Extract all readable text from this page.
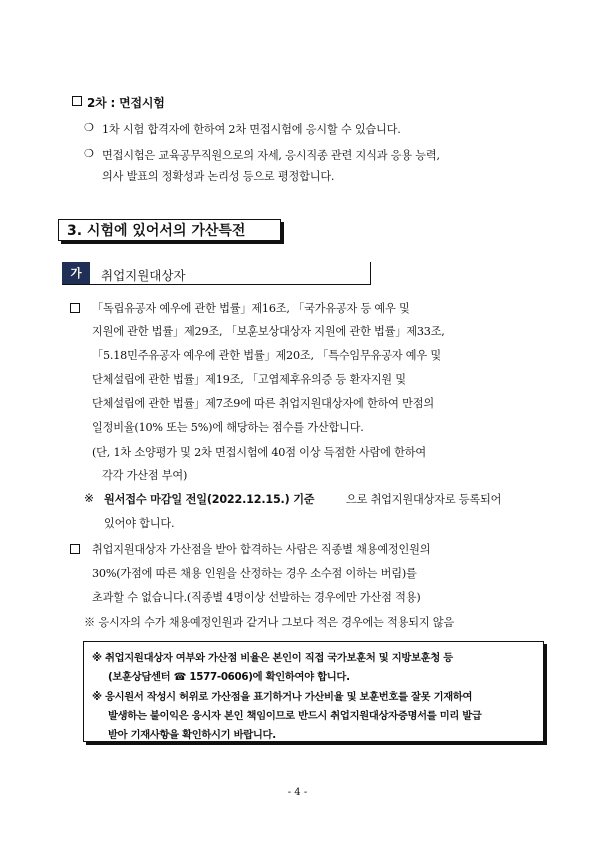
2차 : 면접시험
❍ 1차 시험 합격자에 한하여 2차 면접시험에 응시할 수 있습니다.
❍ 면접시험은 교육공무직원으로의 자세, 응시직종 관련 지식과 응용 능력,
의사 발표의 정확성과 논리성 등으로 평정합니다.
3. 시험에 있어서의 가산특전
가	취업지원대상자
「독립유공자 예우에 관한 법률」제16조, 「국가유공자 등 예우 및
지원에 관한 법률」제29조, 「보훈보상대상자 지원에 관한 법률」제33조,
「5.18민주유공자 예우에 관한 법률」제20조, 「특수임무유공자 예우 및
단체설립에 관한 법률」제19조, 「고엽제후유의증 등 환자지원 및
단체설립에 관한 법률」제7조9에 따른 취업지원대상자에 한하여 만점의
일정비율(10% 또는 5%)에 해당하는 점수를 가산합니다.
(단, 1차 소양평가 및 2차 면접시험에 40점 이상 득점한 사람에 한하여
각각 가산점 부여)
※ 원서접수 마감일 전일(2022.12.15.) 기준	으로 취업지원대상자로 등록되어
있어야 합니다.
취업지원대상자 가산점을 받아 합격하는 사람은 직종별 채용예정인원의
30%(가점에 따른 채용 인원을 산정하는 경우 소수점 이하는 버림)를
초과할 수 없습니다.(직종별 4명이상 선발하는 경우에만 가산점 적용)
※ 응시자의 수가 채용예정인원과 같거나 그보다 적은 경우에는 적용되지 않음
※ 취업지원대상자 여부와 가산점 비율은 본인이 직접 국가보훈처 및 지방보훈청 등
(보훈상담센터 ☎ 1577-0606)에 확인하여야 합니다.
※ 응시원서 작성시 허위로 가산점을 표기하거나 가산비율 및 보훈번호를 잘못 기재하여
발생하는 불이익은 응시자 본인 책임이므로 반드시 취업지원대상자증명서를 미리 발급
받아 기재사항을 확인하시기 바랍니다.
- 4 -
